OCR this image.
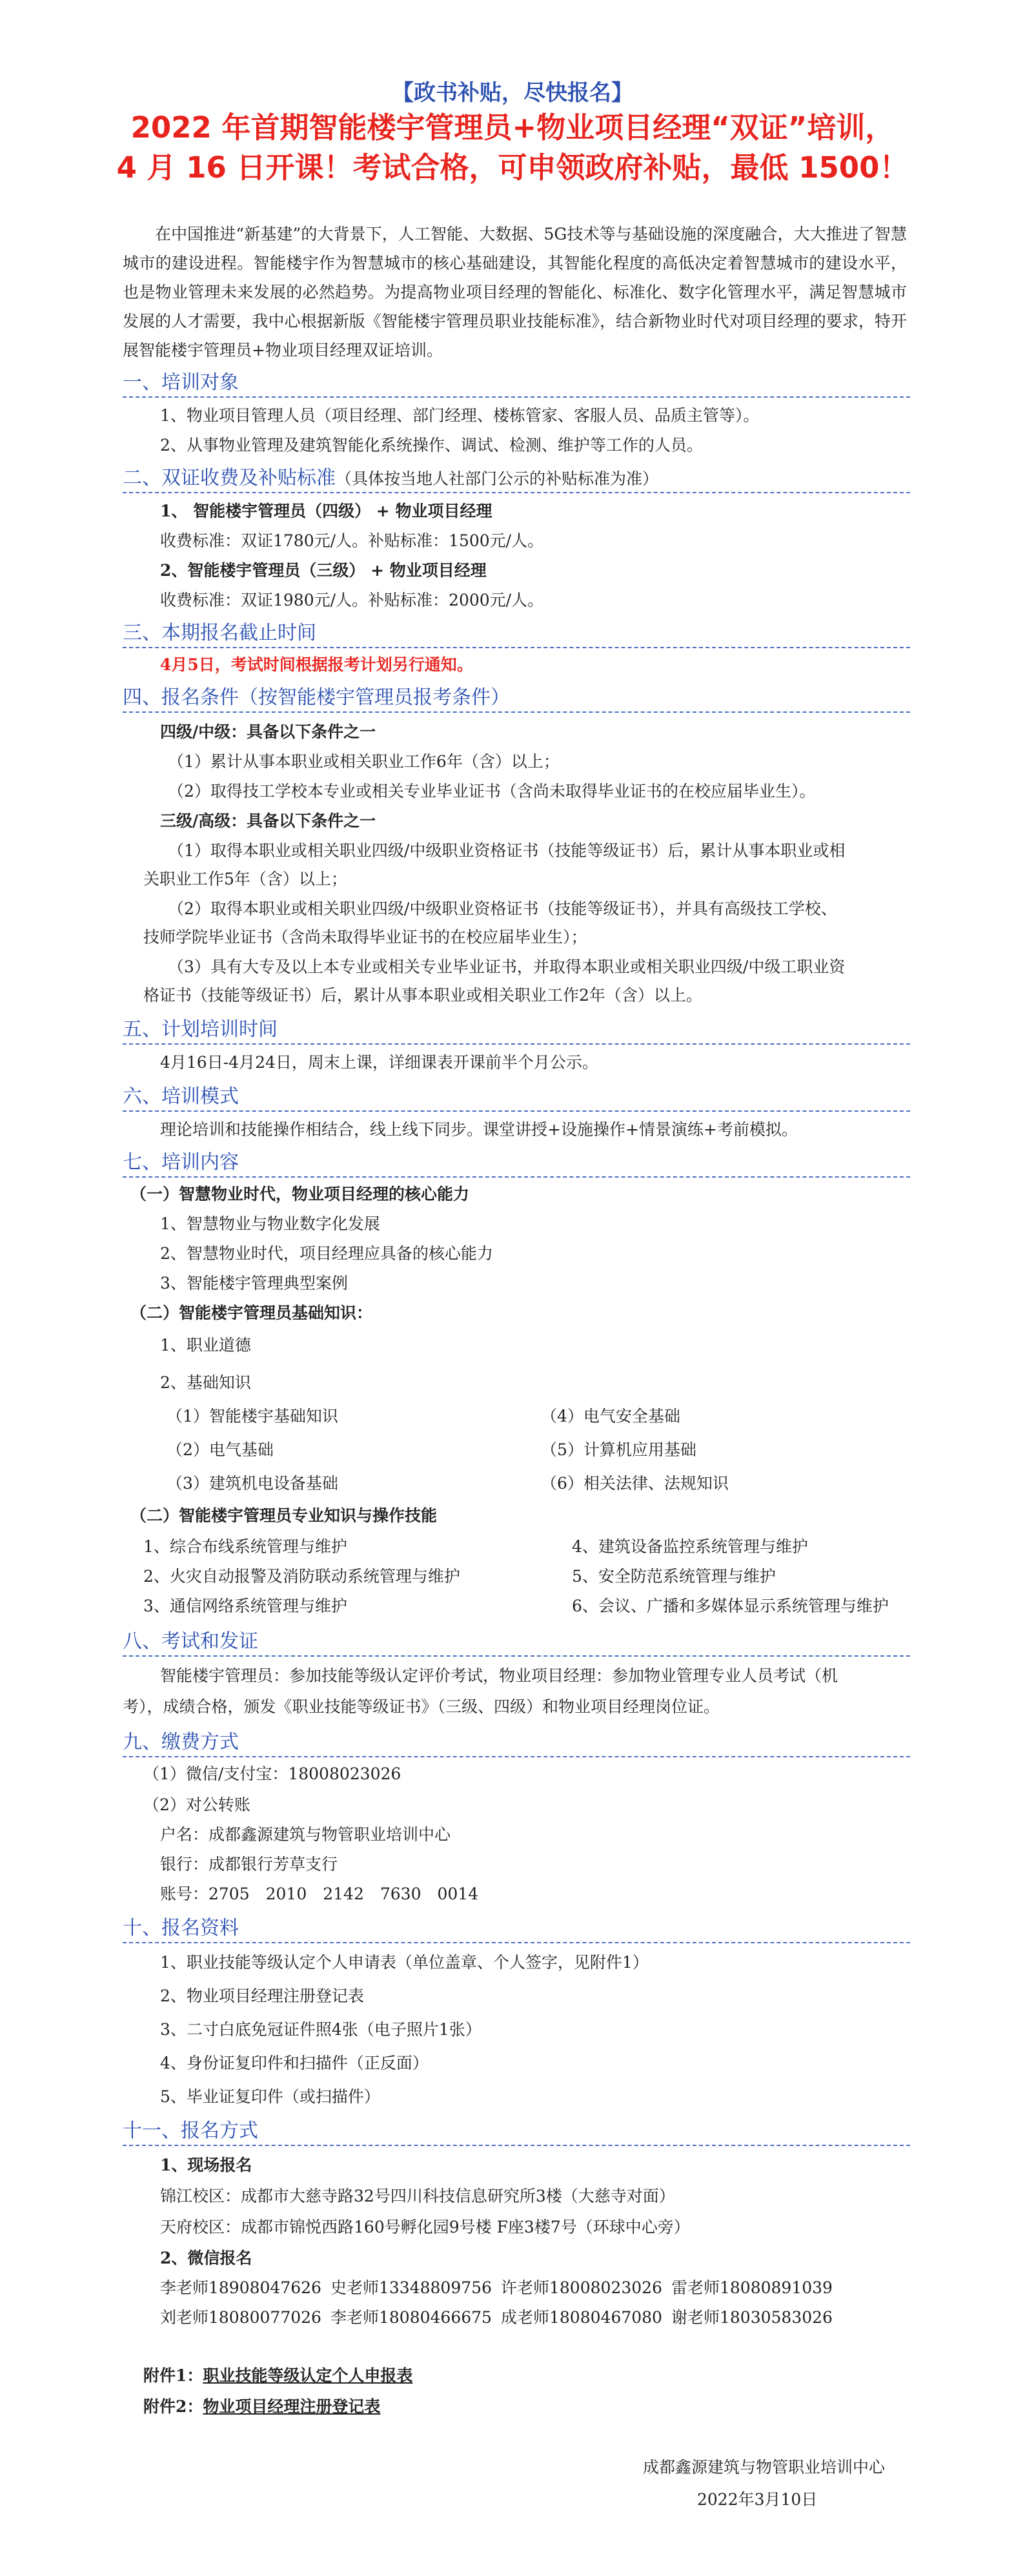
【政书补贴，尽快报名】
2022 年首期智能楼宇管理员+物业项目经理“双证”培训，
4 月 16 日开课！考试合格，可申领政府补贴，最低 1500！
在中国推进“新基建”的大背景下，人工智能、大数据、5G技术等与基础设施的深度融合，大大推进了智慧城市的建设进程。智能楼宇作为智慧城市的核心基础建设，其智能化程度的高低决定着智慧城市的建设水平，也是物业管理未来发展的必然趋势。为提高物业项目经理的智能化、标准化、数字化管理水平，满足智慧城市发展的人才需要，我中心根据新版《智能楼宇管理员职业技能标准》，结合新物业时代对项目经理的要求，特开展智能楼宇管理员+物业项目经理双证培训。
一、培训对象
1、物业项目管理人员（项目经理、部门经理、楼栋管家、客服人员、品质主管等）。
2、从事物业管理及建筑智能化系统操作、调试、检测、维护等工作的人员。
二、双证收费及补贴标准（具体按当地人社部门公示的补贴标准为准）
1、 智能楼宇管理员（四级） + 物业项目经理
收费标准：双证1780元/人。补贴标准：1500元/人。
2、智能楼宇管理员（三级） + 物业项目经理
收费标准：双证1980元/人。补贴标准：2000元/人。
三、本期报名截止时间
4月5日，考试时间根据报考计划另行通知。
四、报名条件（按智能楼宇管理员报考条件）
四级/中级：具备以下条件之一
（1）累计从事本职业或相关职业工作6年（含）以上；
（2）取得技工学校本专业或相关专业毕业证书（含尚未取得毕业证书的在校应届毕业生）。
三级/高级：具备以下条件之一
（1）取得本职业或相关职业四级/中级职业资格证书（技能等级证书）后，累计从事本职业或相
关职业工作5年（含）以上；
（2）取得本职业或相关职业四级/中级职业资格证书（技能等级证书），并具有高级技工学校、
技师学院毕业证书（含尚未取得毕业证书的在校应届毕业生）；
（3）具有大专及以上本专业或相关专业毕业证书，并取得本职业或相关职业四级/中级工职业资
格证书（技能等级证书）后，累计从事本职业或相关职业工作2年（含）以上。
五、计划培训时间
4月16日-4月24日，周末上课，详细课表开课前半个月公示。
六、培训模式
理论培训和技能操作相结合，线上线下同步。课堂讲授+设施操作+情景演练+考前模拟。
七、培训内容
（一）智慧物业时代，物业项目经理的核心能力
1、智慧物业与物业数字化发展
2、智慧物业时代，项目经理应具备的核心能力
3、智能楼宇管理典型案例
（二）智能楼宇管理员基础知识：
1、职业道德
2、基础知识
（1）智能楼宇基础知识
（2）电气基础
（3）建筑机电设备基础
（4）电气安全基础
（5）计算机应用基础
（6）相关法律、法规知识
（二）智能楼宇管理员专业知识与操作技能
1、综合布线系统管理与维护
2、火灾自动报警及消防联动系统管理与维护
3、通信网络系统管理与维护
4、建筑设备监控系统管理与维护
5、安全防范系统管理与维护
6、会议、广播和多媒体显示系统管理与维护
八、考试和发证
智能楼宇管理员：参加技能等级认定评价考试，物业项目经理：参加物业管理专业人员考试（机
考），成绩合格，颁发《职业技能等级证书》（三级、四级）和物业项目经理岗位证。
九、缴费方式
（1）微信/支付宝：18008023026
（2）对公转账
户名：成都鑫源建筑与物管职业培训中心
银行：成都银行芳草支行
账号：2705　2010　2142　7630　0014
十、报名资料
1、职业技能等级认定个人申请表（单位盖章、个人签字，见附件1）
2、物业项目经理注册登记表
3、二寸白底免冠证件照4张（电子照片1张）
4、身份证复印件和扫描件（正反面）
5、毕业证复印件（或扫描件）
十一、报名方式
1、现场报名
锦江校区：成都市大慈寺路32号四川科技信息研究所3楼（大慈寺对面）
天府校区：成都市锦悦西路160号孵化园9号楼 F座3楼7号（环球中心旁）
2、微信报名
李老师18908047626 史老师13348809756 许老师18008023026 雷老师18080891039
刘老师18080077026 李老师18080466675 成老师18080467080 谢老师18030583026
附件1：职业技能等级认定个人申报表
附件2：物业项目经理注册登记表
成都鑫源建筑与物管职业培训中心
2022年3月10日
